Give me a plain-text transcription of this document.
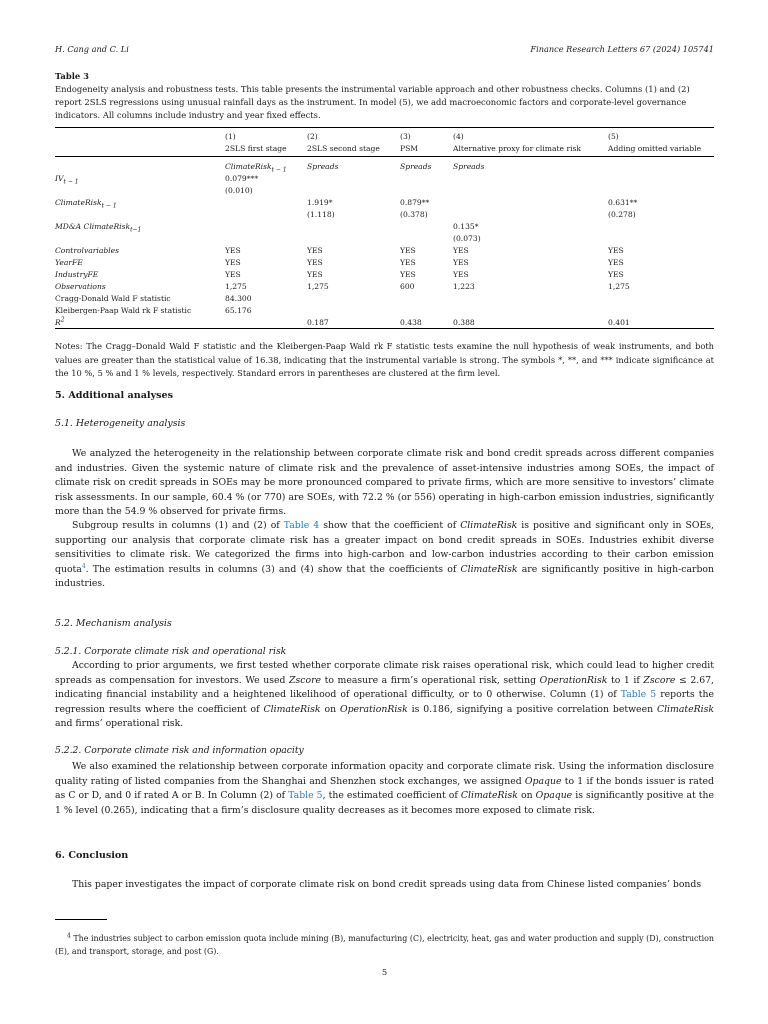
H. Cang and C. Li	Finance Research Letters 67 (2024) 105741
Table 3
Endogeneity analysis and robustness tests. This table presents the instrumental variable approach and other robustness checks. Columns (1) and (2) report 2SLS regressions using unusual rainfall days as the instrument. In model (5), we add macroeconomic factors and corporate-level governance indicators. All columns include industry and year fixed effects.
	(1)	(2)	(3)	(4)	(5)
	2SLS first stage	2SLS second stage	PSM	Alternative proxy for climate risk	Adding omitted variable

	ClimateRisk$_{t - 1}$	Spreads	Spreads	Spreads	
$IV_{t - 1}$	0.079***				
	(0.010)				
ClimateRisk$_{t - 1}$		1.919*	0.879**		0.631**
		(1.118)	(0.378)		(0.278)
MD&A ClimateRisk$_{t-1}$				0.135*	
				(0.073)	
Controlvariables	YES	YES	YES	YES	YES
YearFE	YES	YES	YES	YES	YES
IndustryFE	YES	YES	YES	YES	YES
Observations	1,275	1,275	600	1,223	1,275
Cragg-Donald Wald F statistic	84.300				
Kleibergen-Paap Wald rk F statistic	65.176				
$R^2$		0.187	0.438	0.388	0.401

Notes: The Cragg–Donald Wald F statistic and the Kleibergen-Paap Wald rk F statistic tests examine the null hypothesis of weak instruments, and both values are greater than the statistical value of 16.38, indicating that the instrumental variable is strong. The symbols *, **, and *** indicate significance at the 10 %, 5 % and 1 % levels, respectively. Standard errors in parentheses are clustered at the firm level.

5. Additional analyses
5.1. Heterogeneity analysis

We analyzed the heterogeneity in the relationship between corporate climate risk and bond credit spreads across different companies and industries. Given the systemic nature of climate risk and the prevalence of asset-intensive industries among SOEs, the impact of climate risk on credit spreads in SOEs may be more pronounced compared to private firms, which are more sensitive to investors’ climate risk assessments. In our sample, 60.4 % (or 770) are SOEs, with 72.2 % (or 556) operating in high-carbon emission industries, significantly more than the 54.9 % observed for private firms.

Subgroup results in columns (1) and (2) of Table 4 show that the coefficient of ClimateRisk is positive and significant only in SOEs, supporting our analysis that corporate climate risk has a greater impact on bond credit spreads in SOEs. Industries exhibit diverse sensitivities to climate risk. We categorized the firms into high-carbon and low-carbon industries according to their carbon emission quota$^4$. The estimation results in columns (3) and (4) show that the coefficients of ClimateRisk are significantly positive in high-carbon industries.

5.2. Mechanism analysis
5.2.1. Corporate climate risk and operational risk

According to prior arguments, we first tested whether corporate climate risk raises operational risk, which could lead to higher credit spreads as compensation for investors. We used Zscore to measure a firm’s operational risk, setting OperationRisk to 1 if Zscore ≤ 2.67, indicating financial instability and a heightened likelihood of operational difficulty, or to 0 otherwise. Column (1) of Table 5 reports the regression results where the coefficient of ClimateRisk on OperationRisk is 0.186, signifying a positive correlation between ClimateRisk and firms’ operational risk.

5.2.2. Corporate climate risk and information opacity

We also examined the relationship between corporate information opacity and corporate climate risk. Using the information disclosure quality rating of listed companies from the Shanghai and Shenzhen stock exchanges, we assigned Opaque to 1 if the bonds issuer is rated as C or D, and 0 if rated A or B. In Column (2) of Table 5, the estimated coefficient of ClimateRisk on Opaque is significantly positive at the 1 % level (0.265), indicating that a firm’s disclosure quality decreases as it becomes more exposed to climate risk.

6. Conclusion

This paper investigates the impact of corporate climate risk on bond credit spreads using data from Chinese listed companies’ bonds

$^4$ The industries subject to carbon emission quota include mining (B), manufacturing (C), electricity, heat, gas and water production and supply (D), construction (E), and transport, storage, and post (G).

5
